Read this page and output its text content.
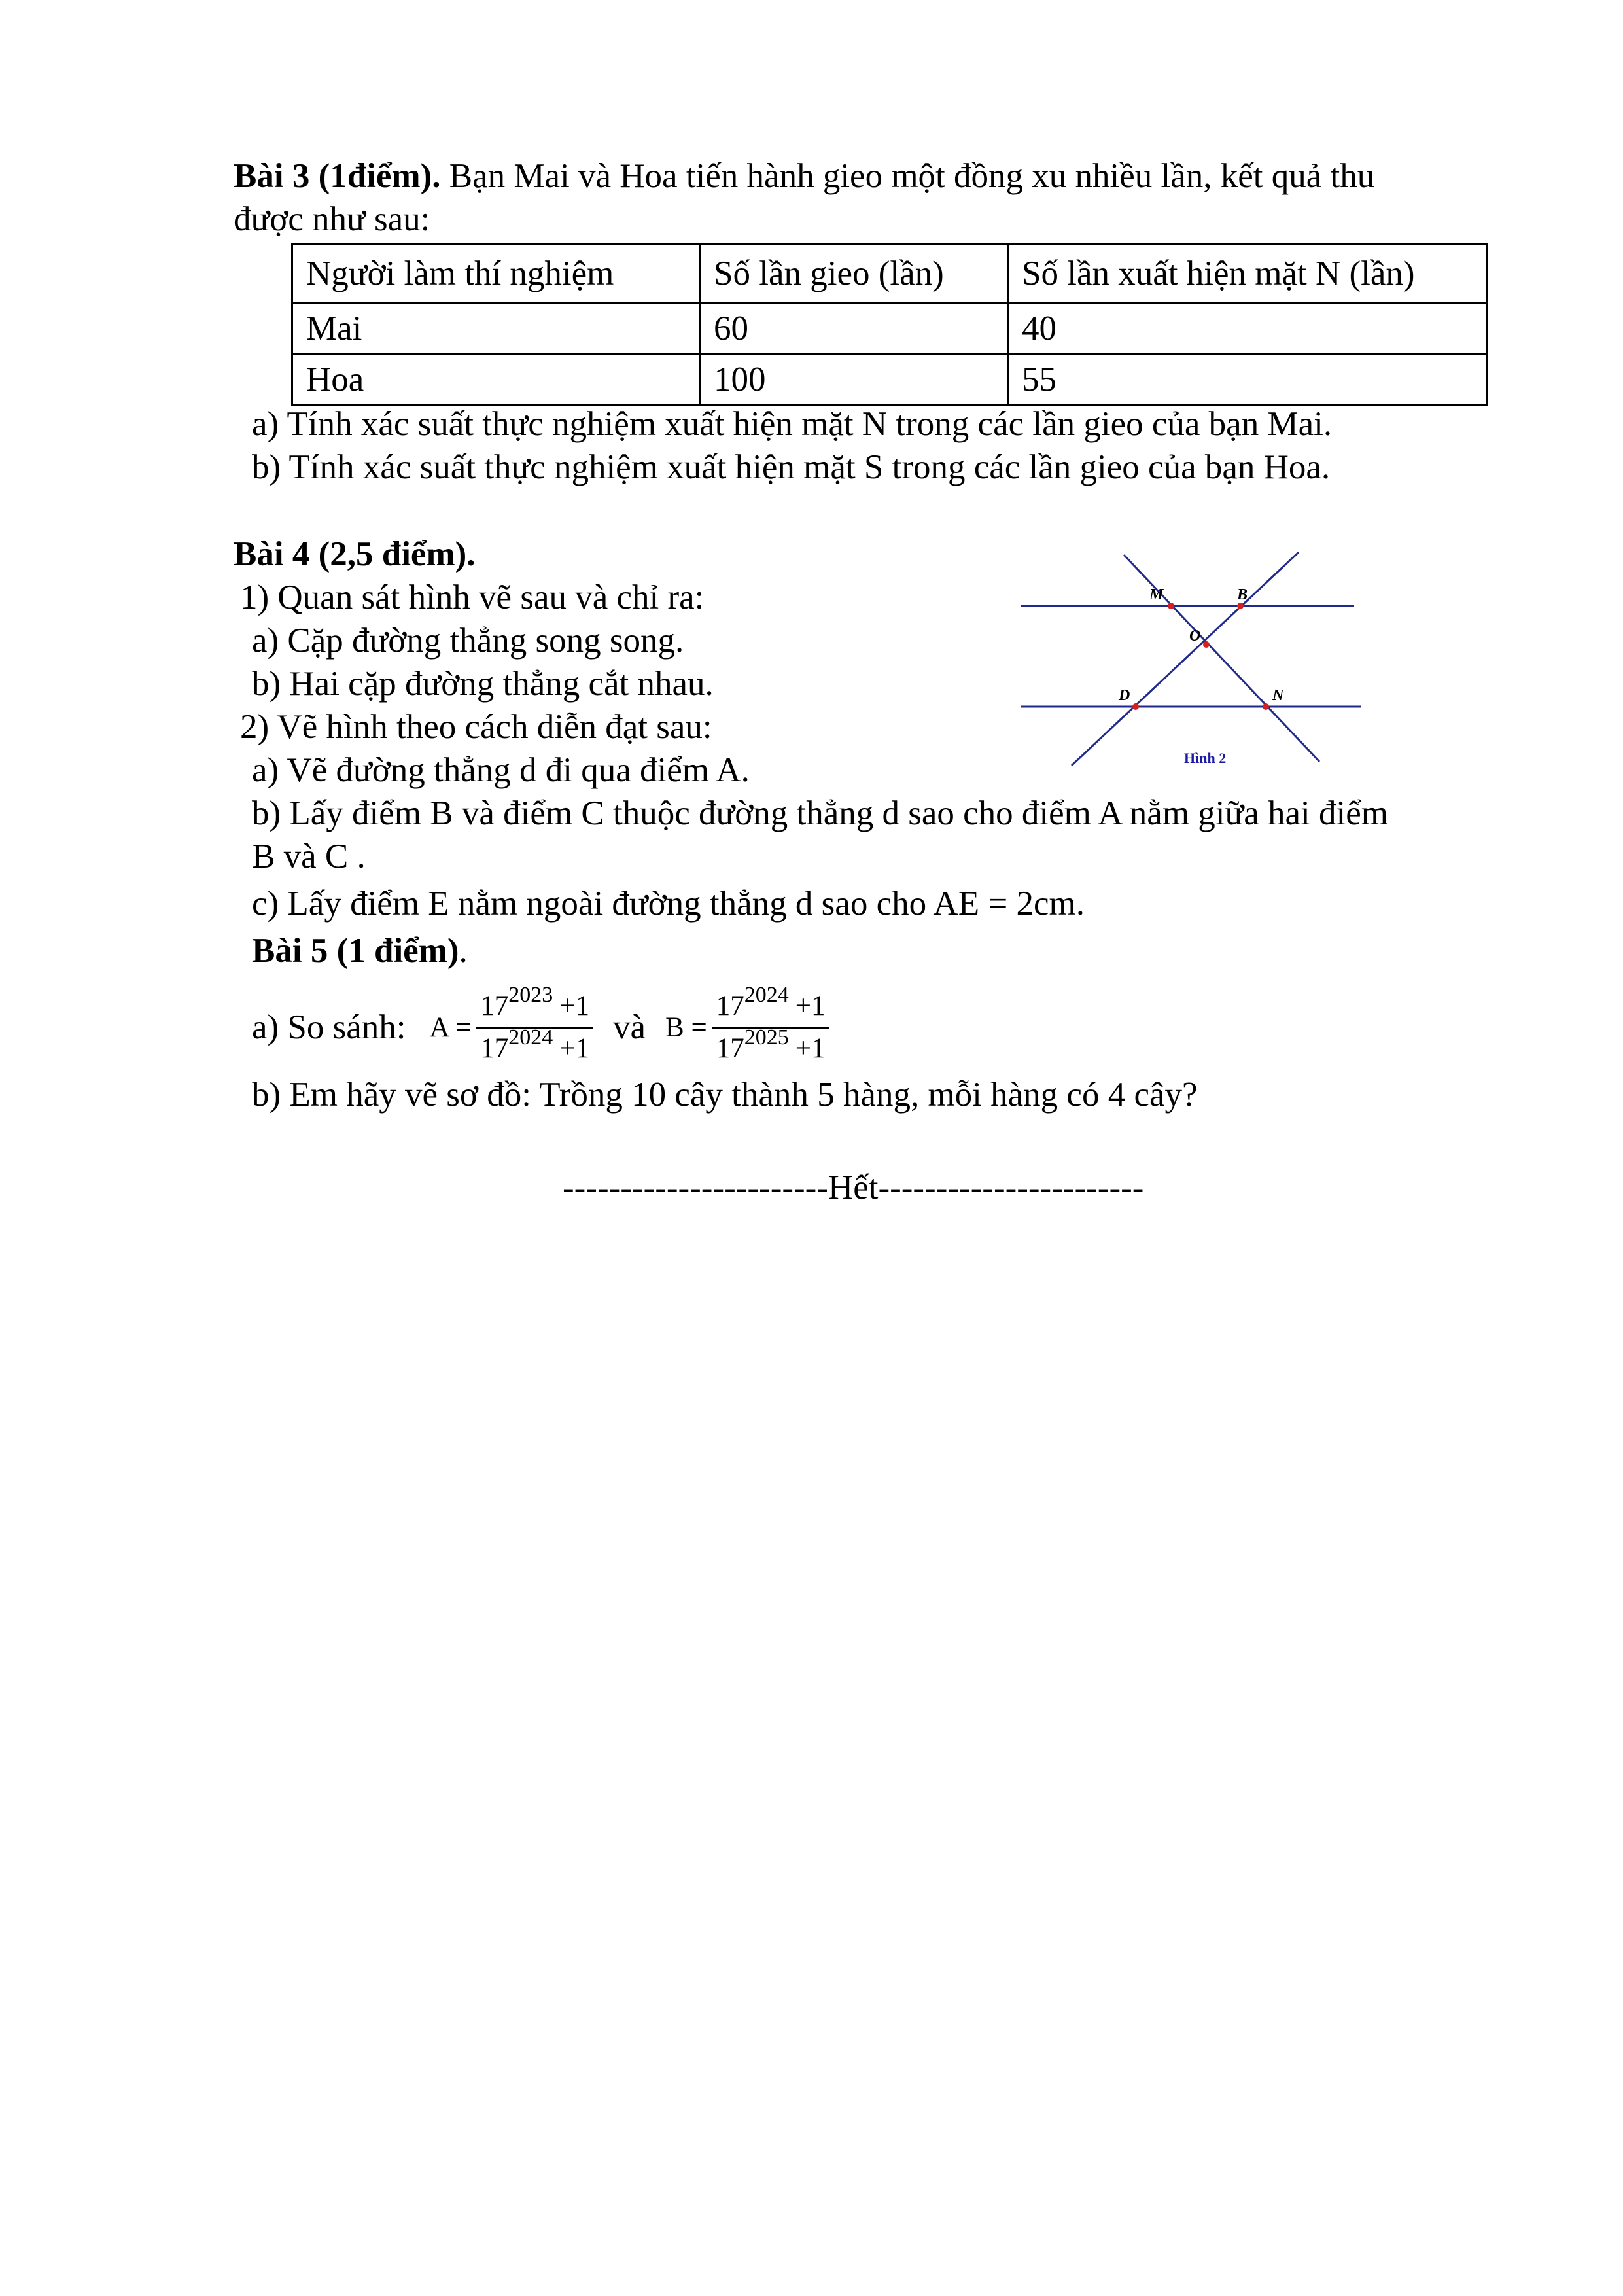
Bài 3 (1điểm). Bạn Mai và Hoa tiến hành gieo một đồng xu nhiều lần, kết quả thu
được như sau:
Người làm thí nghiệm	Số lần gieo (lần)	Số lần xuất hiện mặt N (lần)
Mai	60	40
Hoa	100	55
a) Tính xác suất thực nghiệm xuất hiện mặt N trong các lần gieo của bạn Mai.
b) Tính xác suất thực nghiệm xuất hiện mặt S trong các lần gieo của bạn Hoa.
Bài 4 (2,5 điểm).
1) Quan sát hình vẽ sau và chỉ ra:
a) Cặp đường thẳng song song.
b) Hai cặp đường thẳng cắt nhau.
2) Vẽ hình theo cách diễn đạt sau:
a) Vẽ đường thẳng d đi qua điểm A.
b) Lấy điểm B và điểm C thuộc đường thẳng d sao cho điểm A nằm giữa hai điểm
B và C .
c) Lấy điểm E nằm ngoài đường thẳng d sao cho AE = 2cm.
M	B
O
D	N
Hình 2
Bài 5 (1 điểm).
a) So sánh: $A = \frac{17^{2023} +1}{17^{2024} +1}$ và $B = \frac{17^{2024} +1}{17^{2025} +1}$
b) Em hãy vẽ sơ đồ: Trồng 10 cây thành 5 hàng, mỗi hàng có 4 cây?
-----------------------Hết-----------------------
